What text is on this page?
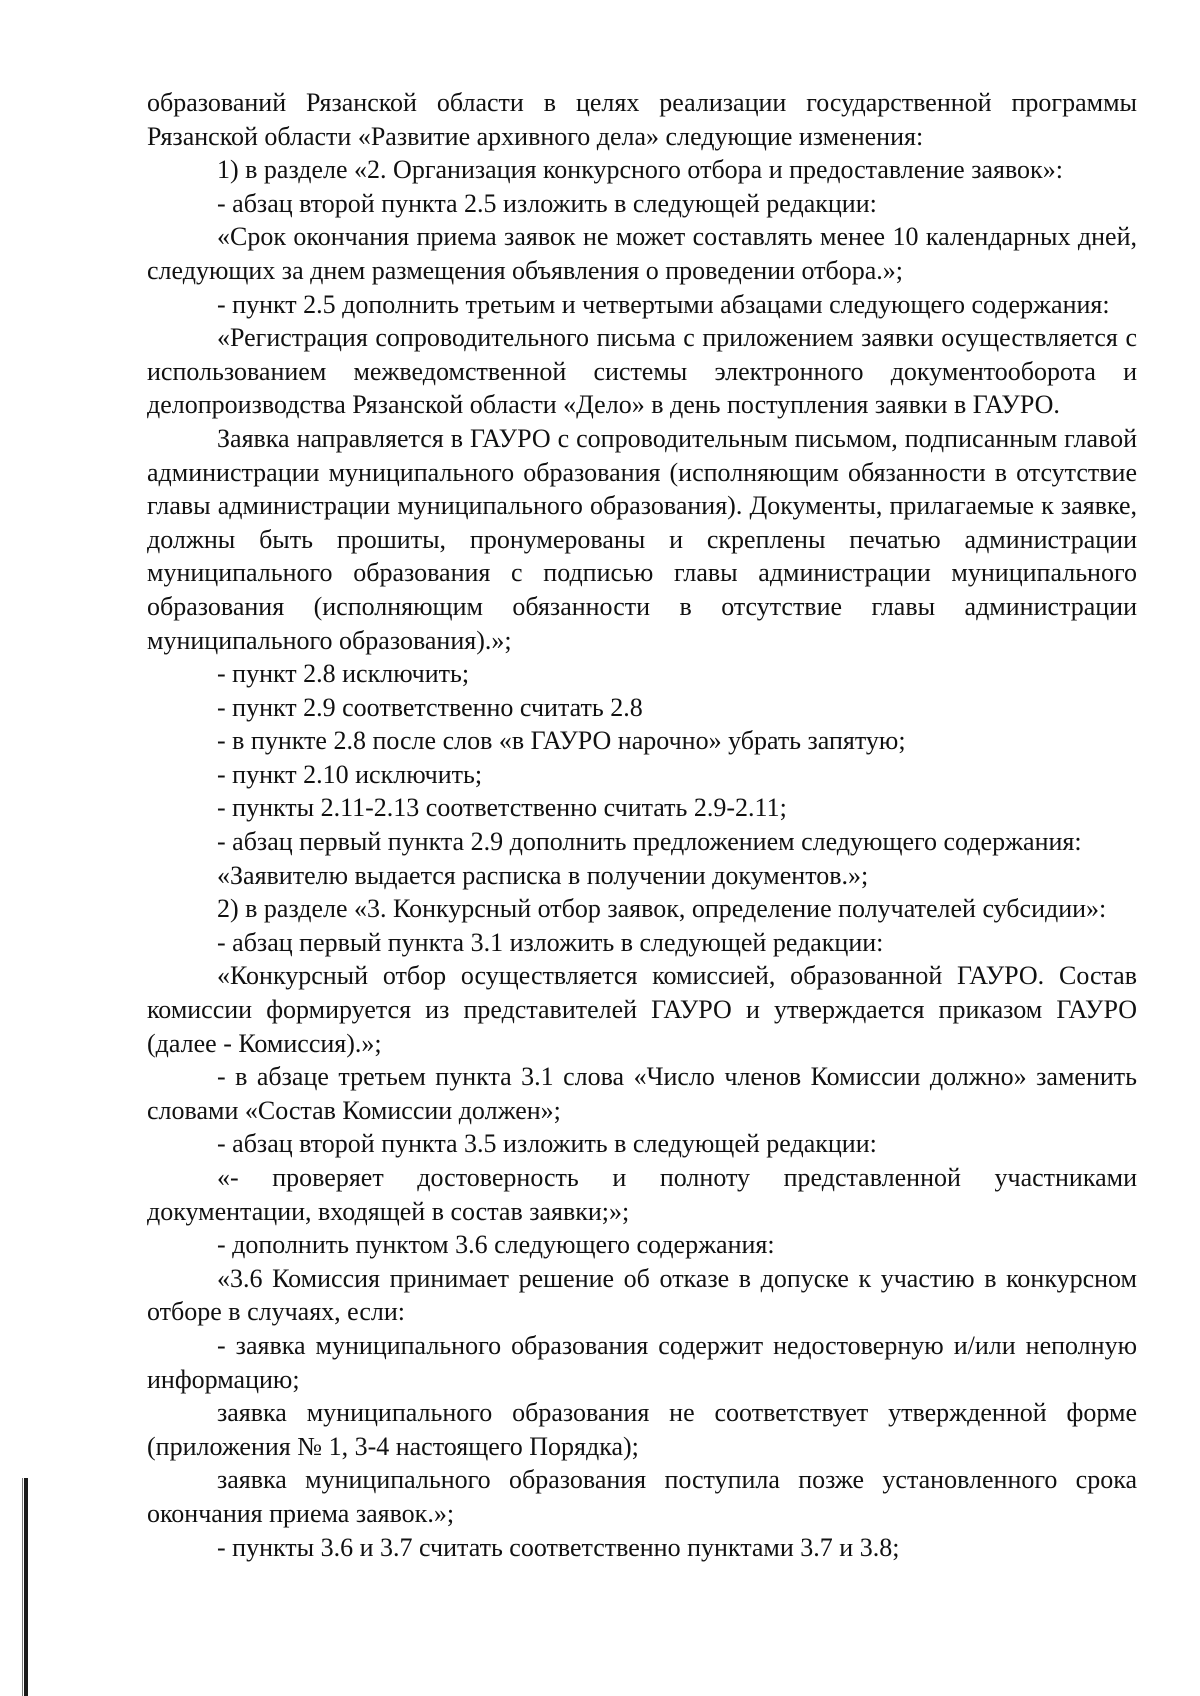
образований Рязанской области в целях реализации государственной программы Рязанской области «Развитие архивного дела» следующие изменения:

1) в разделе «2. Организация конкурсного отбора и предоставление заявок»:

- абзац второй пункта 2.5 изложить в следующей редакции:

«Срок окончания приема заявок не может составлять менее 10 календарных дней, следующих за днем размещения объявления о проведении отбора.»;

- пункт 2.5 дополнить третьим и четвертыми абзацами следующего содержания:

«Регистрация сопроводительного письма с приложением заявки осуществляется с использованием межведомственной системы электронного документооборота и делопроизводства Рязанской области «Дело» в день поступления заявки в ГАУРО.

Заявка направляется в ГАУРО с сопроводительным письмом, подписанным главой администрации муниципального образования (исполняющим обязанности в отсутствие главы администрации муниципального образования). Документы, прилагаемые к заявке, должны быть прошиты, пронумерованы и скреплены печатью администрации муниципального образования с подписью главы администрации муниципального образования (исполняющим обязанности в отсутствие главы администрации муниципального образования).»;

- пункт 2.8 исключить;

- пункт 2.9 соответственно считать 2.8

- в пункте 2.8 после слов «в ГАУРО нарочно» убрать запятую;

- пункт 2.10 исключить;

- пункты 2.11-2.13 соответственно считать 2.9-2.11;

- абзац первый пункта 2.9 дополнить предложением следующего содержания:

«Заявителю выдается расписка в получении документов.»;

2) в разделе «3. Конкурсный отбор заявок, определение получателей субсидии»:

- абзац первый пункта 3.1 изложить в следующей редакции:

«Конкурсный отбор осуществляется комиссией, образованной ГАУРО. Состав комиссии формируется из представителей ГАУРО и утверждается приказом ГАУРО (далее - Комиссия).»;

- в абзаце третьем пункта 3.1 слова «Число членов Комиссии должно» заменить словами «Состав Комиссии должен»;

- абзац второй пункта 3.5 изложить в следующей редакции:

«- проверяет достоверность и полноту представленной участниками документации, входящей в состав заявки;»;

- дополнить пунктом 3.6 следующего содержания:

«3.6 Комиссия принимает решение об отказе в допуске к участию в конкурсном отборе в случаях, если:

- заявка муниципального образования содержит недостоверную и/или неполную информацию;

заявка муниципального образования не соответствует утвержденной форме (приложения № 1, 3-4 настоящего Порядка);

заявка муниципального образования поступила позже установленного срока окончания приема заявок.»;

- пункты 3.6 и 3.7 считать соответственно пунктами 3.7 и 3.8;
